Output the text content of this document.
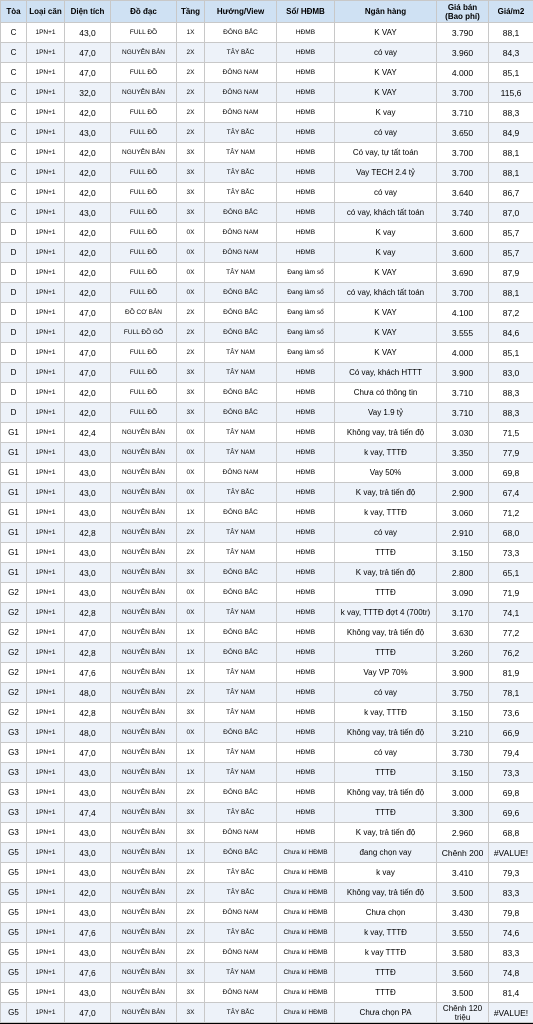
Tòa	Loại căn	Diện tích	Đồ đạc	Tầng	Hướng/View	Sổ/ HĐMB	Ngân hàng	Giá bán (Bao phí)	Giá/m2
C	1PN+1	43,0	FULL ĐỒ	1X	ĐÔNG BẮC	HĐMB	K VAY	3.790	88,1
C	1PN+1	47,0	NGUYÊN BẢN	2X	TÂY BẮC	HĐMB	có vay	3.960	84,3
C	1PN+1	47,0	FULL ĐỒ	2X	ĐÔNG NAM	HĐMB	K VAY	4.000	85,1
C	1PN+1	32,0	NGUYÊN BẢN	2X	ĐÔNG NAM	HĐMB	K VAY	3.700	115,6
C	1PN+1	42,0	FULL ĐỒ	2X	ĐÔNG NAM	HĐMB	K vay	3.710	88,3
C	1PN+1	43,0	FULL ĐỒ	2X	TÂY BẮC	HĐMB	có vay	3.650	84,9
C	1PN+1	42,0	NGUYÊN BẢN	3X	TÂY NAM	HĐMB	Có vay, tự tất toán	3.700	88,1
C	1PN+1	42,0	FULL ĐỒ	3X	TÂY BẮC	HĐMB	Vay TECH 2.4 tỷ	3.700	88,1
C	1PN+1	42,0	FULL ĐỒ	3X	TÂY BẮC	HĐMB	có vay	3.640	86,7
C	1PN+1	43,0	FULL ĐỒ	3X	ĐÔNG BẮC	HĐMB	có vay, khách tất toán	3.740	87,0
D	1PN+1	42,0	FULL ĐỒ	0X	ĐÔNG NAM	HĐMB	K vay	3.600	85,7
D	1PN+1	42,0	FULL ĐỒ	0X	ĐÔNG NAM	HĐMB	K vay	3.600	85,7
D	1PN+1	42,0	FULL ĐỒ	0X	TÂY NAM	Đang làm sổ	K VAY	3.690	87,9
D	1PN+1	42,0	FULL ĐỒ	0X	ĐÔNG BẮC	Đang làm sổ	có vay, khách tất toán	3.700	88,1
D	1PN+1	47,0	ĐỒ CƠ BẢN	2X	ĐÔNG BẮC	Đang làm sổ	K VAY	4.100	87,2
D	1PN+1	42,0	FULL ĐỒ GỖ	2X	ĐÔNG BẮC	Đang làm sổ	K VAY	3.555	84,6
D	1PN+1	47,0	FULL ĐỒ	2X	TÂY NAM	Đang làm sổ	K VAY	4.000	85,1
D	1PN+1	47,0	FULL ĐỒ	3X	TÂY NAM	HĐMB	Có vay, khách HTTT	3.900	83,0
D	1PN+1	42,0	FULL ĐỒ	3X	ĐÔNG BẮC	HĐMB	Chưa có thông tin	3.710	88,3
D	1PN+1	42,0	FULL ĐỒ	3X	ĐÔNG BẮC	HĐMB	Vay 1.9 tỷ	3.710	88,3
G1	1PN+1	42,4	NGUYÊN BẢN	0X	TÂY NAM	HĐMB	Không vay, trả tiến độ	3.030	71,5
G1	1PN+1	43,0	NGUYÊN BẢN	0X	TÂY NAM	HĐMB	k vay, TTTĐ	3.350	77,9
G1	1PN+1	43,0	NGUYÊN BẢN	0X	ĐÔNG NAM	HĐMB	Vay 50%	3.000	69,8
G1	1PN+1	43,0	NGUYÊN BẢN	0X	TÂY BẮC	HĐMB	K vay, trả tiến độ	2.900	67,4
G1	1PN+1	43,0	NGUYÊN BẢN	1X	ĐÔNG BẮC	HĐMB	k vay, TTTĐ	3.060	71,2
G1	1PN+1	42,8	NGUYÊN BẢN	2X	TÂY NAM	HĐMB	có vay	2.910	68,0
G1	1PN+1	43,0	NGUYÊN BẢN	2X	TÂY NAM	HĐMB	TTTĐ	3.150	73,3
G1	1PN+1	43,0	NGUYÊN BẢN	3X	ĐÔNG BẮC	HĐMB	K vay, trả tiến độ	2.800	65,1
G2	1PN+1	43,0	NGUYÊN BẢN	0X	ĐÔNG BẮC	HĐMB	TTTĐ	3.090	71,9
G2	1PN+1	42,8	NGUYÊN BẢN	0X	TÂY NAM	HĐMB	k vay, TTTĐ đợt 4 (700tr)	3.170	74,1
G2	1PN+1	47,0	NGUYÊN BẢN	1X	ĐÔNG BẮC	HĐMB	Không vay, trả tiến độ	3.630	77,2
G2	1PN+1	42,8	NGUYÊN BẢN	1X	ĐÔNG BẮC	HĐMB	TTTĐ	3.260	76,2
G2	1PN+1	47,6	NGUYÊN BẢN	1X	TÂY NAM	HĐMB	Vay VP 70%	3.900	81,9
G2	1PN+1	48,0	NGUYÊN BẢN	2X	TÂY NAM	HĐMB	có vay	3.750	78,1
G2	1PN+1	42,8	NGUYÊN BẢN	3X	TÂY NAM	HĐMB	k vay, TTTĐ	3.150	73,6
G3	1PN+1	48,0	NGUYÊN BẢN	0X	ĐÔNG BẮC	HĐMB	Không vay, trả tiến độ	3.210	66,9
G3	1PN+1	47,0	NGUYÊN BẢN	1X	TÂY NAM	HĐMB	có vay	3.730	79,4
G3	1PN+1	43,0	NGUYÊN BẢN	1X	TÂY NAM	HĐMB	TTTĐ	3.150	73,3
G3	1PN+1	43,0	NGUYÊN BẢN	2X	ĐÔNG BẮC	HĐMB	Không vay, trả tiến độ	3.000	69,8
G3	1PN+1	47,4	NGUYÊN BẢN	3X	TÂY BẮC	HĐMB	TTTĐ	3.300	69,6
G3	1PN+1	43,0	NGUYÊN BẢN	3X	ĐÔNG NAM	HĐMB	K vay, trả tiến độ	2.960	68,8
G5	1PN+1	43,0	NGUYÊN BẢN	1X	ĐÔNG BẮC	Chưa kí HĐMB	đang chọn vay	Chênh 200	#VALUE!
G5	1PN+1	43,0	NGUYÊN BẢN	2X	TÂY BẮC	Chưa kí HĐMB	k vay	3.410	79,3
G5	1PN+1	42,0	NGUYÊN BẢN	2X	TÂY BẮC	Chưa kí HĐMB	Không vay, trả tiến độ	3.500	83,3
G5	1PN+1	43,0	NGUYÊN BẢN	2X	ĐÔNG NAM	Chưa kí HĐMB	Chưa chọn	3.430	79,8
G5	1PN+1	47,6	NGUYÊN BẢN	2X	TÂY BẮC	Chưa kí HĐMB	k vay, TTTĐ	3.550	74,6
G5	1PN+1	43,0	NGUYÊN BẢN	2X	ĐÔNG NAM	Chưa kí HĐMB	k vay TTTĐ	3.580	83,3
G5	1PN+1	47,6	NGUYÊN BẢN	3X	TÂY NAM	Chưa kí HĐMB	TTTĐ	3.560	74,8
G5	1PN+1	43,0	NGUYÊN BẢN	3X	ĐÔNG NAM	Chưa kí HĐMB	TTTĐ	3.500	81,4
G5	1PN+1	47,0	NGUYÊN BẢN	3X	TÂY BẮC	Chưa kí HĐMB	Chưa chọn PA	Chênh 120 triệu	#VALUE!
